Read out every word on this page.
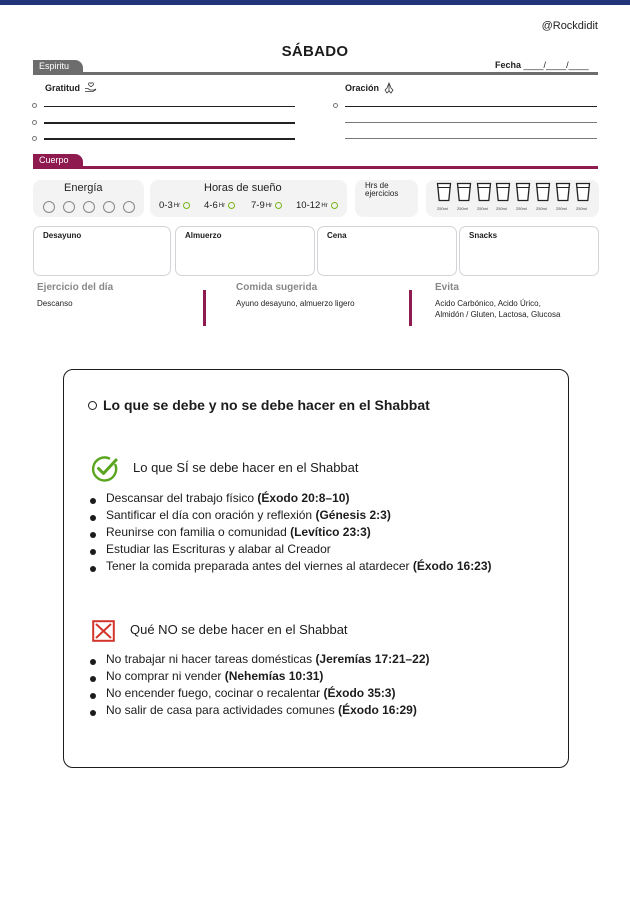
@Rockdidit
SÁBADO
Espiritu	Fecha ____/____/____
Gratitud	Oración
Cuerpo
Energía	Horas de sueño
0-3 Hr	4-6 Hr	7-9 Hr	10-12 Hr
Hrs de ejercicios
250ml 250ml 250ml 250ml 250ml 250ml 250ml 250ml
Desayuno	Almuerzo	Cena	Snacks
Ejercicio del día
Descanso
Comida sugerida
Ayuno desayuno, almuerzo ligero
Evita
Acido Carbónico, Acido Úrico,
Almidón / Gluten, Lactosa, Glucosa
Lo que se debe y no se debe hacer en el Shabbat
Lo que SÍ se debe hacer en el Shabbat
Descansar del trabajo físico (Éxodo 20:8–10)
Santificar el día con oración y reflexión (Génesis 2:3)
Reunirse con familia o comunidad (Levítico 23:3)
Estudiar las Escrituras y alabar al Creador
Tener la comida preparada antes del viernes al atardecer (Éxodo 16:23)
Qué NO se debe hacer en el Shabbat
No trabajar ni hacer tareas domésticas (Jeremías 17:21–22)
No comprar ni vender (Nehemías 10:31)
No encender fuego, cocinar o recalentar (Éxodo 35:3)
No salir de casa para actividades comunes (Éxodo 16:29)
